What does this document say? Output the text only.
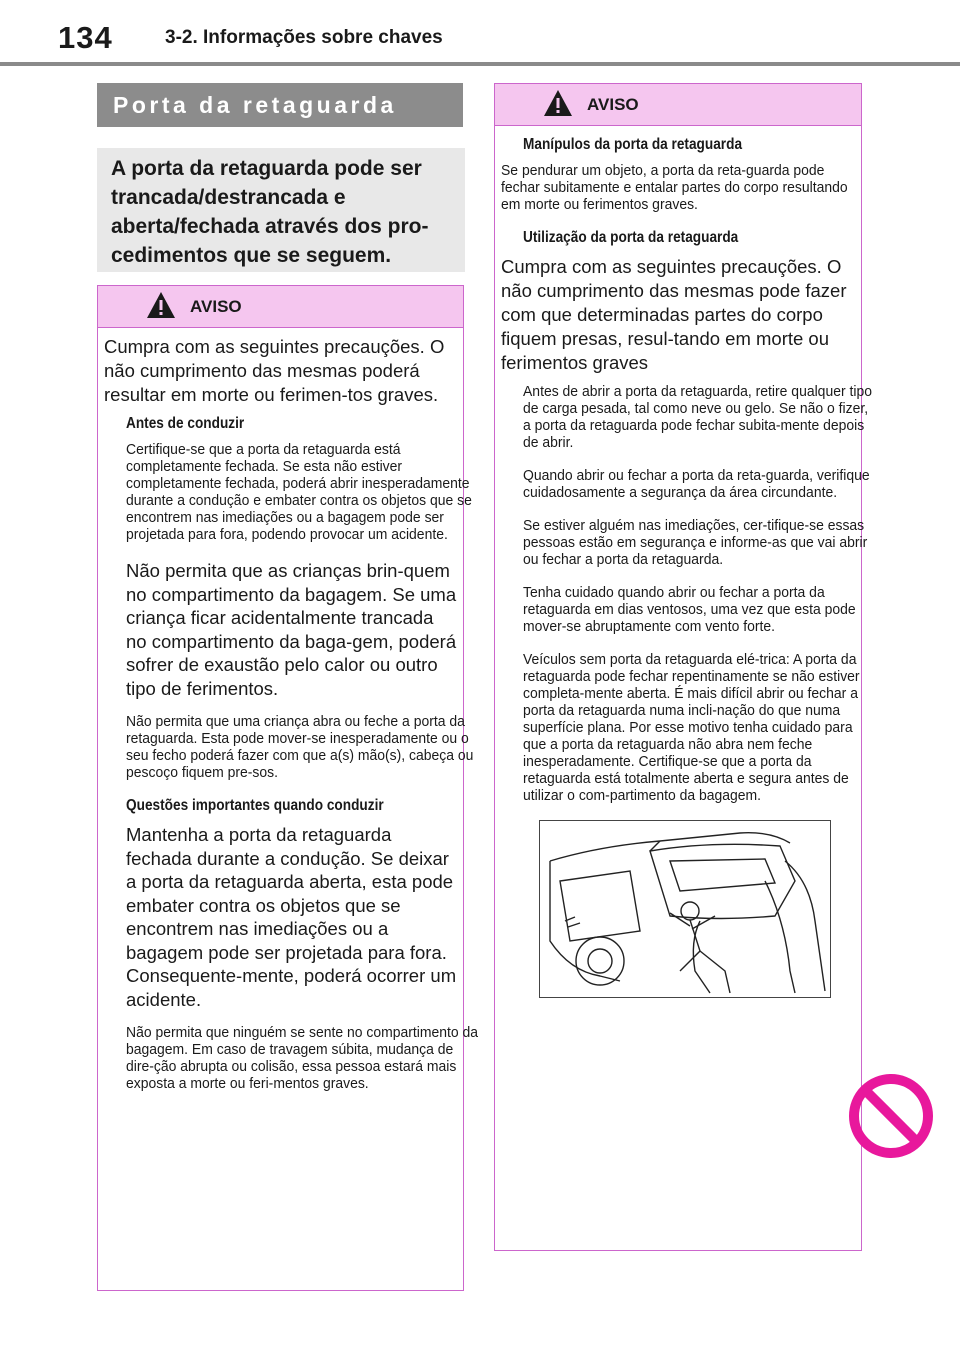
134	3-2. Informações sobre chaves
Porta da retaguarda

A porta da retaguarda pode ser trancada/destrancada e aberta/fechada através dos pro-cedimentos que se seguem.

AVISO

Cumpra com as seguintes precauções. O não cumprimento das mesmas poderá resultar em morte ou ferimen-tos graves.

Antes de conduzir

Certifique-se que a porta da retaguarda está completamente fechada. Se esta não estiver completamente fechada, poderá abrir inesperadamente durante a condução e embater contra os objetos que se encontrem nas imediações ou a bagagem pode ser projetada para fora, podendo provocar um acidente.

Não permita que as crianças brin-quem no compartimento da bagagem. Se uma criança ficar acidentalmente trancada no compartimento da baga-gem, poderá sofrer de exaustão pelo calor ou outro tipo de ferimentos.

Não permita que uma criança abra ou feche a porta da retaguarda. Esta pode mover-se inesperadamente ou o seu fecho poderá fazer com que a(s) mão(s), cabeça ou pescoço fiquem pre-sos.

Questões importantes quando conduzir

Mantenha a porta da retaguarda fechada durante a condução. Se deixar a porta da retaguarda aberta, esta pode embater contra os objetos que se encontrem nas imediações ou a bagagem pode ser projetada para fora. Consequente-mente, poderá ocorrer um acidente.

Não permita que ninguém se sente no compartimento da bagagem. Em caso de travagem súbita, mudança de dire-ção abrupta ou colisão, essa pessoa estará mais exposta a morte ou feri-mentos graves.

AVISO

Manípulos da porta da retaguarda

Se pendurar um objeto, a porta da reta-guarda pode fechar subitamente e entalar partes do corpo resultando em morte ou ferimentos graves.

Utilização da porta da retaguarda

Cumpra com as seguintes precauções. O não cumprimento das mesmas pode fazer com que determinadas partes do corpo fiquem presas, resul-tando em morte ou ferimentos graves

Antes de abrir a porta da retaguarda, retire qualquer tipo de carga pesada, tal como neve ou gelo. Se não o fizer, a porta da retaguarda pode fechar subita-mente depois de abrir.

Quando abrir ou fechar a porta da reta-guarda, verifique cuidadosamente a segurança da área circundante.

Se estiver alguém nas imediações, cer-tifique-se essas pessoas estão em segurança e informe-as que vai abrir ou fechar a porta da retaguarda.

Tenha cuidado quando abrir ou fechar a porta da retaguarda em dias ventosos, uma vez que esta pode mover-se abruptamente com vento forte.

Veículos sem porta da retaguarda elé-trica: A porta da retaguarda pode fechar repentinamente se não estiver completa-mente aberta. É mais difícil abrir ou fechar a porta da retaguarda numa incli-nação do que numa superfície plana. Por esse motivo tenha cuidado para que a porta da retaguarda não abra nem feche inesperadamente. Certifique-se que a porta da retaguarda está totalmente aberta e segura antes de utilizar o com-partimento da bagagem.
